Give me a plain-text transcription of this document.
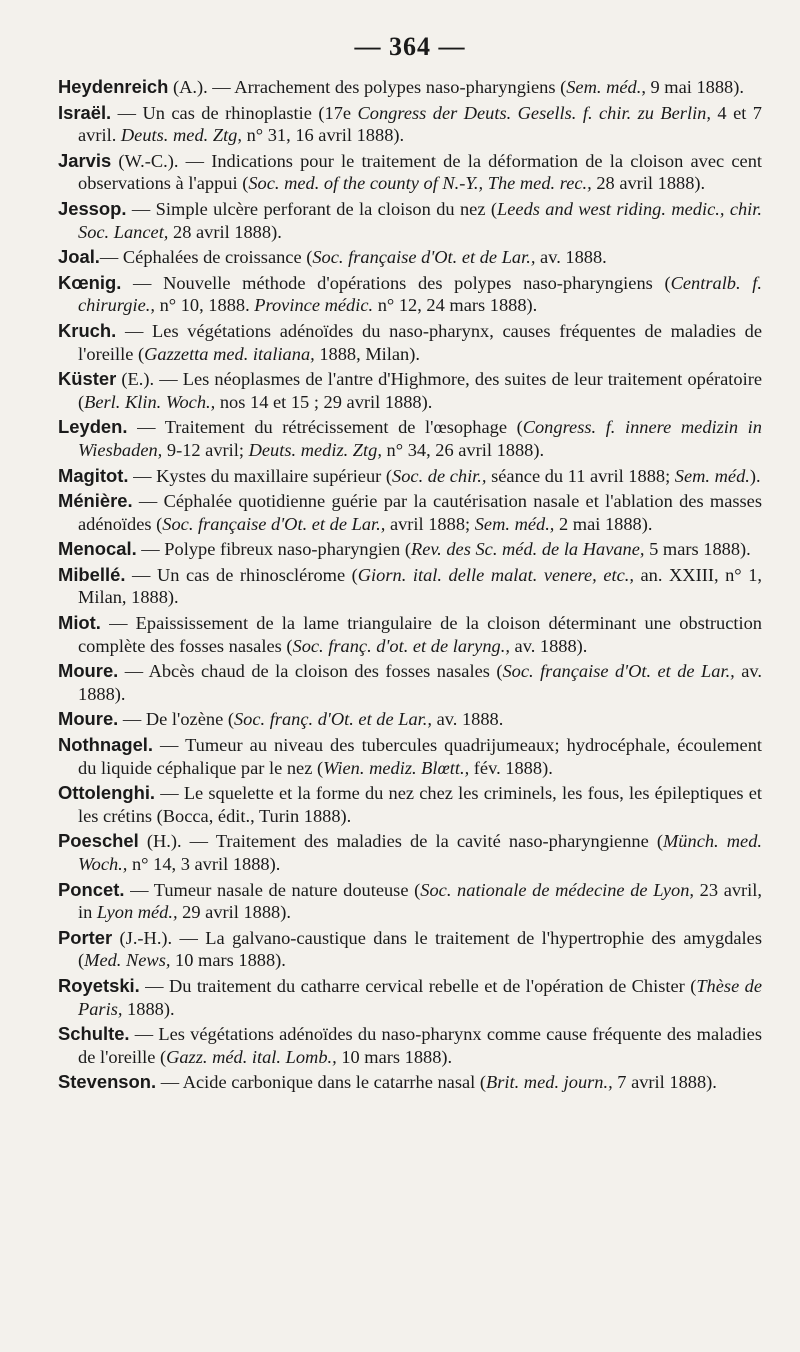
— 364 —

Heydenreich (A.). — Arrachement des polypes naso-pharyngiens (Sem. méd., 9 mai 1888).

Israël. — Un cas de rhinoplastie (17e Congress der Deuts. Gesells. f. chir. zu Berlin, 4 et 7 avril. Deuts. med. Ztg, n° 31, 16 avril 1888).

Jarvis (W.-C.). — Indications pour le traitement de la déformation de la cloison avec cent observations à l'appui (Soc. med. of the county of N.-Y., The med. rec., 28 avril 1888).

Jessop. — Simple ulcère perforant de la cloison du nez (Leeds and west riding. medic., chir. Soc. Lancet, 28 avril 1888).

Joal.— Céphalées de croissance (Soc. française d'Ot. et de Lar., av. 1888.

Kœnig. — Nouvelle méthode d'opérations des polypes naso-pharyngiens (Centralb. f. chirurgie., n° 10, 1888. Province médic. n° 12, 24 mars 1888).

Kruch. — Les végétations adénoïdes du naso-pharynx, causes fréquentes de maladies de l'oreille (Gazzetta med. italiana, 1888, Milan).

Küster (E.). — Les néoplasmes de l'antre d'Highmore, des suites de leur traitement opératoire (Berl. Klin. Woch., nos 14 et 15 ; 29 avril 1888).

Leyden. — Traitement du rétrécissement de l'œsophage (Congress. f. innere medizin in Wiesbaden, 9-12 avril; Deuts. mediz. Ztg, n° 34, 26 avril 1888).

Magitot. — Kystes du maxillaire supérieur (Soc. de chir., séance du 11 avril 1888; Sem. méd.).

Ménière. — Céphalée quotidienne guérie par la cautérisation nasale et l'ablation des masses adénoïdes (Soc. française d'Ot. et de Lar., avril 1888; Sem. méd., 2 mai 1888).

Menocal. — Polype fibreux naso-pharyngien (Rev. des Sc. méd. de la Havane, 5 mars 1888).

Mibellé. — Un cas de rhinosclérome (Giorn. ital. delle malat. venere, etc., an. XXIII, n° 1, Milan, 1888).

Miot. — Epaississement de la lame triangulaire de la cloison déterminant une obstruction complète des fosses nasales (Soc. franç. d'ot. et de laryng., av. 1888).

Moure. — Abcès chaud de la cloison des fosses nasales (Soc. française d'Ot. et de Lar., av. 1888).

Moure. — De l'ozène (Soc. franç. d'Ot. et de Lar., av. 1888.

Nothnagel. — Tumeur au niveau des tubercules quadrijumeaux; hydrocéphale, écoulement du liquide céphalique par le nez (Wien. mediz. Blœtt., fév. 1888).

Ottolenghi. — Le squelette et la forme du nez chez les criminels, les fous, les épileptiques et les crétins (Bocca, édit., Turin 1888).

Poeschel (H.). — Traitement des maladies de la cavité naso-pharyngienne (Münch. med. Woch., n° 14, 3 avril 1888).

Poncet. — Tumeur nasale de nature douteuse (Soc. nationale de médecine de Lyon, 23 avril, in Lyon méd., 29 avril 1888).

Porter (J.-H.). — La galvano-caustique dans le traitement de l'hypertrophie des amygdales (Med. News, 10 mars 1888).

Royetski. — Du traitement du catharre cervical rebelle et de l'opération de Chister (Thèse de Paris, 1888).

Schulte. — Les végétations adénoïdes du naso-pharynx comme cause fréquente des maladies de l'oreille (Gazz. méd. ital. Lomb., 10 mars 1888).

Stevenson. — Acide carbonique dans le catarrhe nasal (Brit. med. journ., 7 avril 1888).
